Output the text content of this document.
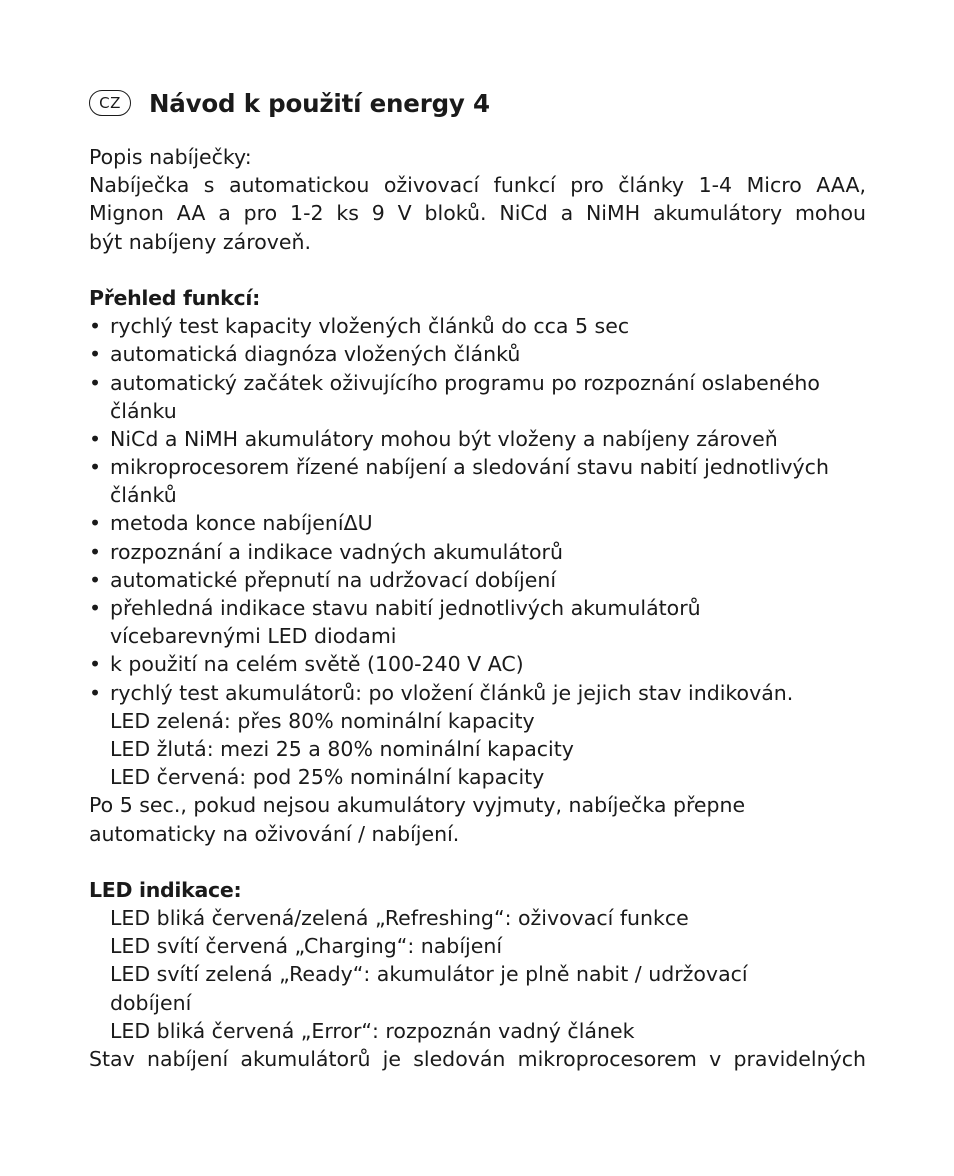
CZ	Návod k použití energy 4
Popis nabíječky:
Nabíječka s automatickou oživovací funkcí pro články 1-4 Micro AAA,
Mignon AA a pro 1-2 ks 9 V bloků. NiCd a NiMH akumulátory mohou
být nabíjeny zároveň.
Přehled funkcí:
• rychlý test kapacity vložených článků do cca 5 sec
• automatická diagnóza vložených článků
• automatický začátek oživujícího programu po rozpoznání oslabeného
článku
• NiCd a NiMH akumulátory mohou být vloženy a nabíjeny zároveň
• mikroprocesorem řízené nabíjení a sledování stavu nabití jednotlivých
článků
• metoda konce nabíjeníΔU
• rozpoznání a indikace vadných akumulátorů
• automatické přepnutí na udržovací dobíjení
• přehledná indikace stavu nabití jednotlivých akumulátorů
vícebarevnými LED diodami
• k použití na celém světě (100-240 V AC)
• rychlý test akumulátorů: po vložení článků je jejich stav indikován.
LED zelená: přes 80% nominální kapacity
LED žlutá: mezi 25 a 80% nominální kapacity
LED červená: pod 25% nominální kapacity
Po 5 sec., pokud nejsou akumulátory vyjmuty, nabíječka přepne
automaticky na oživování / nabíjení.
LED indikace:
LED bliká červená/zelená „Refreshing“: oživovací funkce
LED svítí červená „Charging“: nabíjení
LED svítí zelená „Ready“: akumulátor je plně nabit / udržovací
dobíjení
LED bliká červená „Error“: rozpoznán vadný článek
Stav nabíjení akumulátorů je sledován mikroprocesorem v pravidelných
